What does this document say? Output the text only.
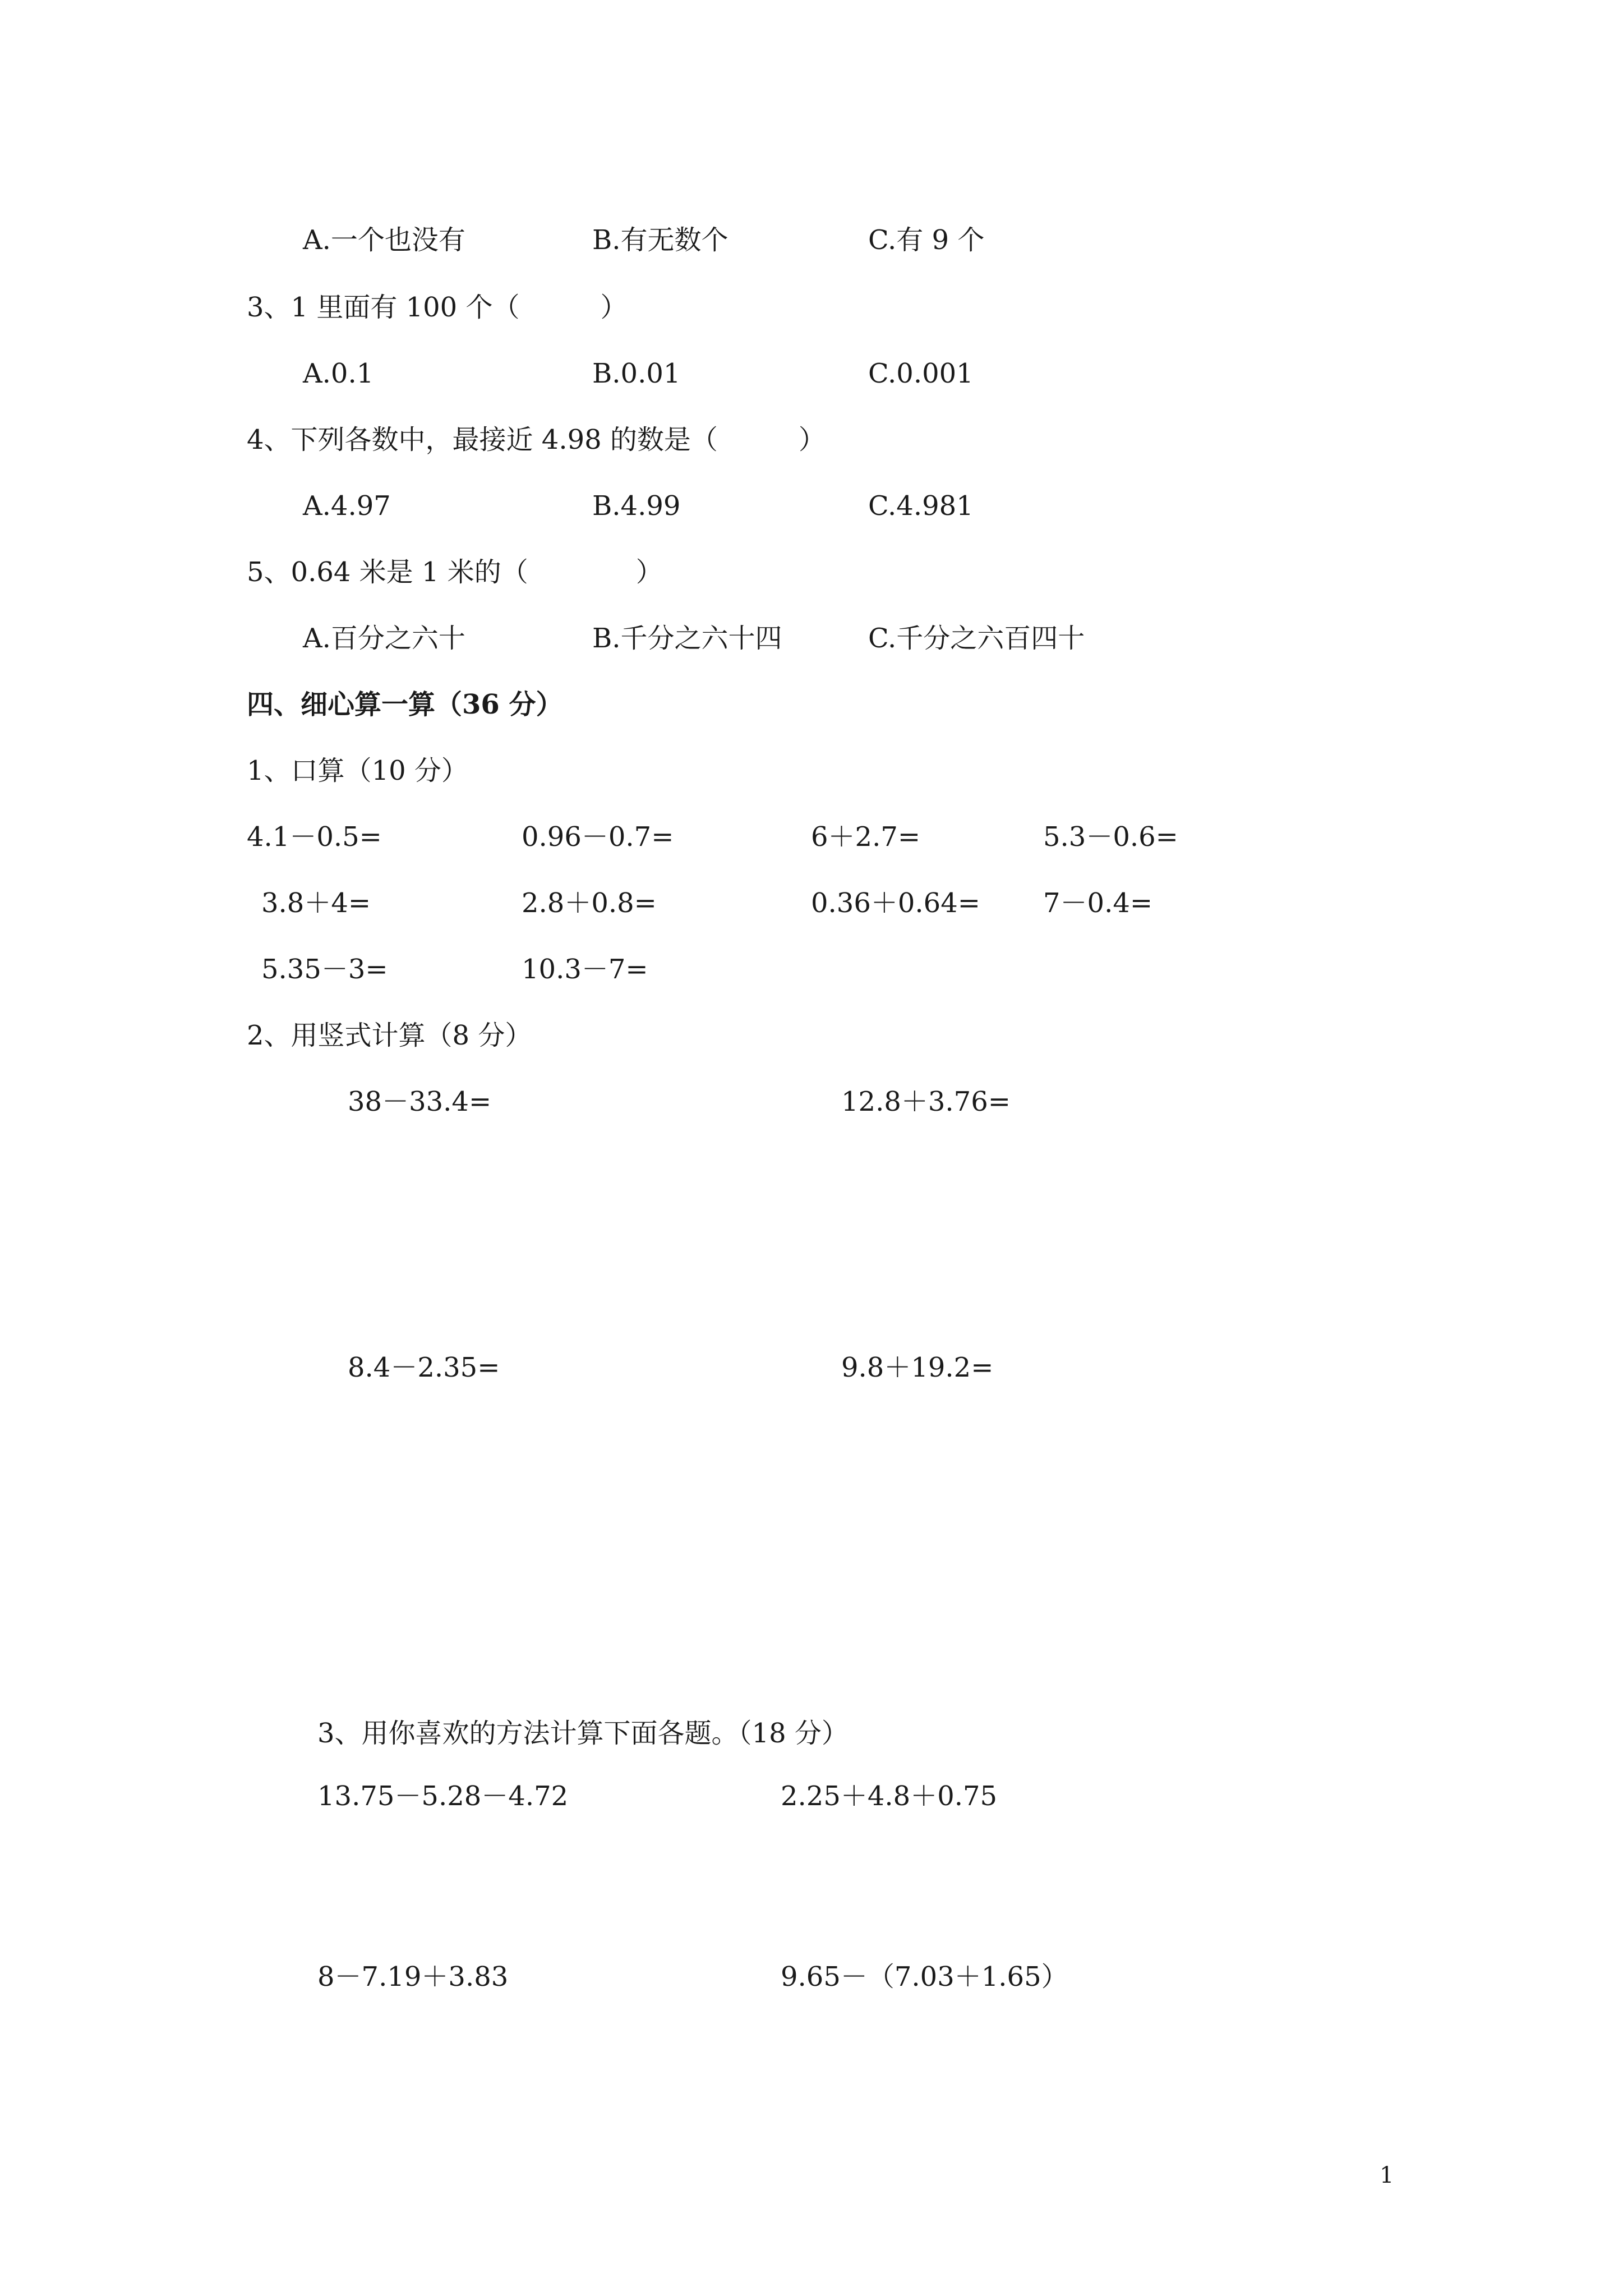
A.一个也没有	B.有无数个	C.有 9 个
3、1 里面有 100 个（　　　）
A.0.1	B.0.01	C.0.001
4、下列各数中，最接近 4.98 的数是（　　　）
A.4.97	B.4.99	C.4.981
5、0.64 米是 1 米的（　　　　）
A.百分之六十	B.千分之六十四	C.千分之六百四十
四、细心算一算（36 分）
1、口算（10 分）
4.1－0.5=	0.96－0.7=	6＋2.7=	5.3－0.6=
3.8＋4=	2.8＋0.8=	0.36＋0.64= 7－0.4=
5.35－3=	10.3－7=
2、用竖式计算（8 分）
38－33.4=	12.8＋3.76=
8.4－2.35=	9.8＋19.2=
3、用你喜欢的方法计算下面各题。（18 分）
13.75－5.28－4.72	2.25＋4.8＋0.75
8－7.19＋3.83	9.65－（7.03＋1.65）
1
